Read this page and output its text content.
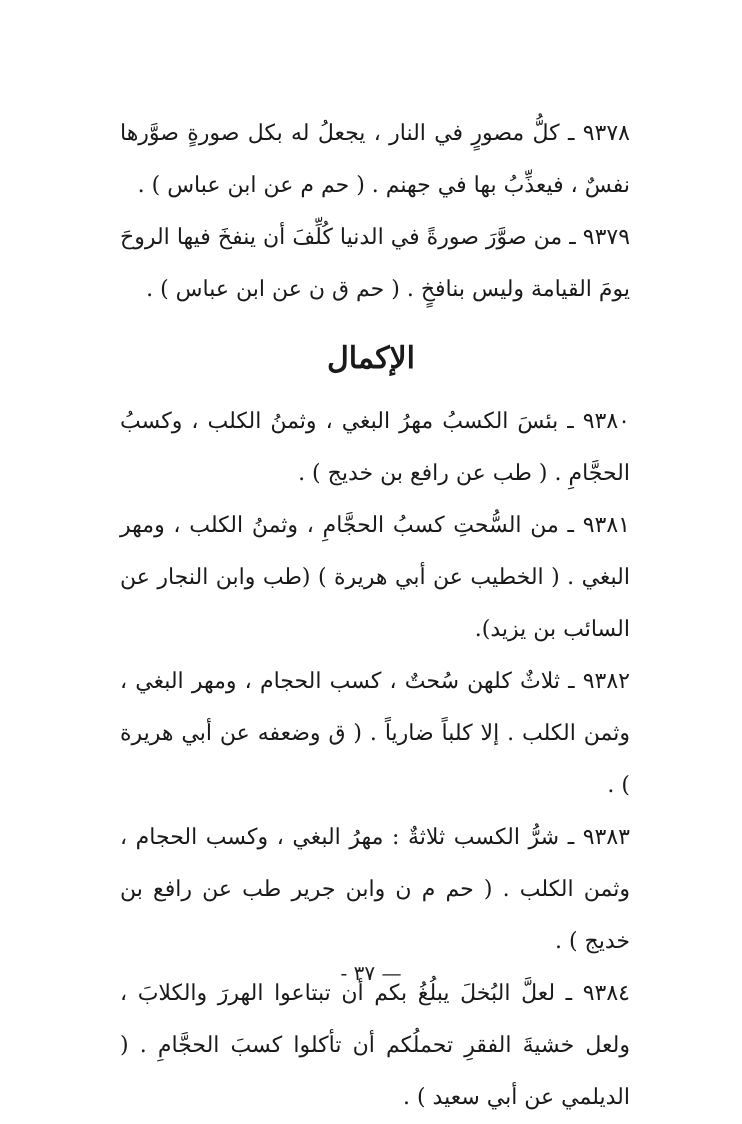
٩٣٧٨ ـ كلُّ مصورٍ في النار ، يجعلُ له بكل صورةٍ صوَّرها نفسٌ ، فيعذِّبُ بها في جهنم . ( حم م عن ابن عباس ) .

٩٣٧٩ ـ من صوَّرَ صورةً في الدنيا كُلِّفَ أن ينفخَ فيها الروحَ يومَ القيامة وليس بنافخٍ . ( حم ق ن عن ابن عباس ) .

الإكمال

٩٣٨٠ ـ بئسَ الكسبُ مهرُ البغي ، وثمنُ الكلب ، وكسبُ الحجَّامِ . ( طب عن رافع بن خديج ) .

٩٣٨١ ـ من السُّحتِ كسبُ الحجَّامِ ، وثمنُ الكلب ، ومهر البغي . ( الخطيب عن أبي هريرة ) (طب وابن النجار عن السائب بن يزيد).

٩٣٨٢ ـ ثلاثٌ كلهن سُحتٌ ، كسب الحجام ، ومهر البغي ، وثمن الكلب . إلا كلباً ضارياً . ( ق وضعفه عن أبي هريرة ) .

٩٣٨٣ ـ شرُّ الكسب ثلاثةٌ : مهرُ البغي ، وكسب الحجام ، وثمن الكلب . ( حم م ن وابن جرير طب عن رافع بن خديج ) .

٩٣٨٤ ـ لعلَّ البُخلَ يبلُغُ بكم أن تبتاعوا الهررَ والكلابَ ، ولعل خشيةَ الفقرِ تحملُكم أن تأكلوا كسبَ الحجَّامِ . ( الديلمي عن أبي سعيد ) .

— ٣٧ -
